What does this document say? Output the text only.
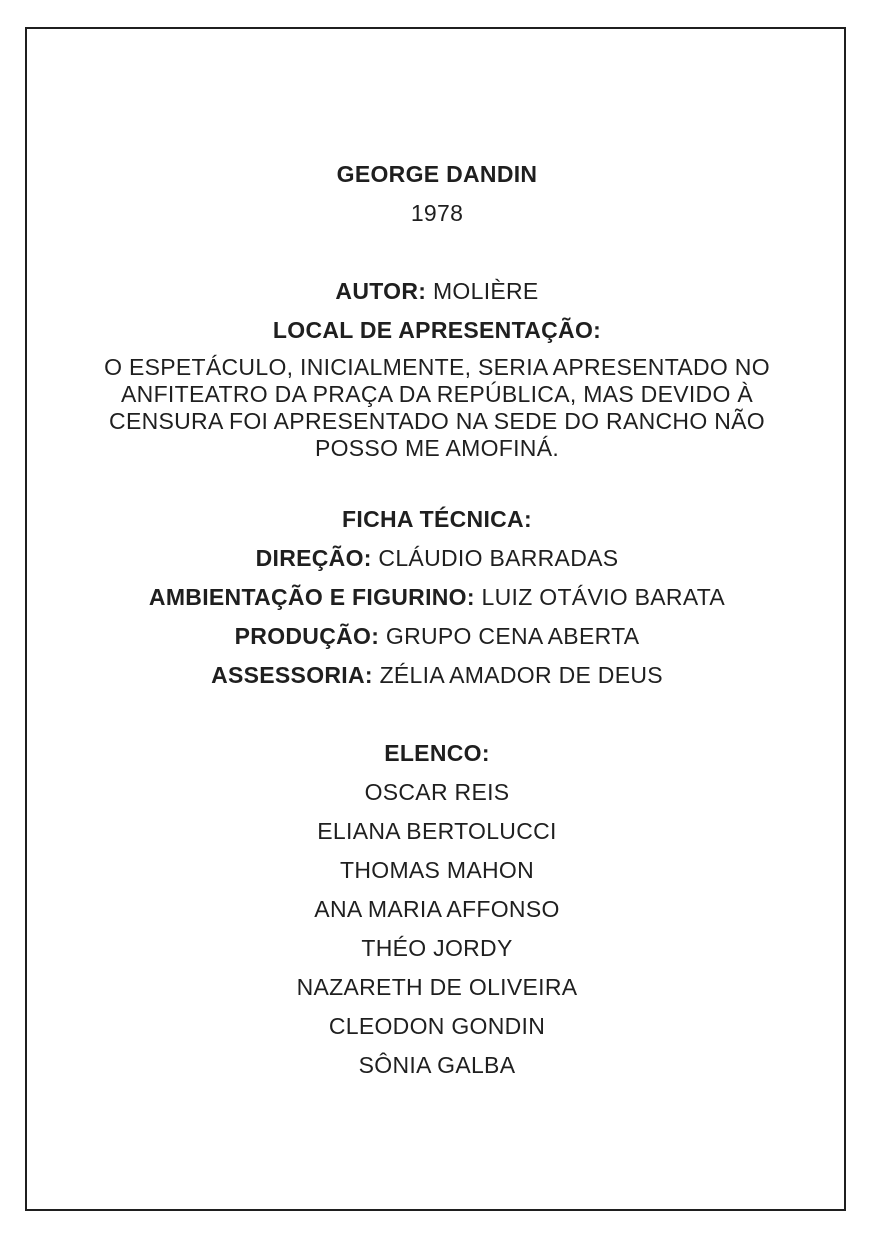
GEORGE DANDIN

1978

AUTOR: MOLIÈRE

LOCAL DE APRESENTAÇÃO:

O ESPETÁCULO, INICIALMENTE, SERIA APRESENTADO NO ANFITEATRO DA PRAÇA DA REPÚBLICA, MAS DEVIDO À CENSURA FOI APRESENTADO NA SEDE DO RANCHO NÃO POSSO ME AMOFINÁ.

FICHA TÉCNICA:

DIREÇÃO: CLÁUDIO BARRADAS

AMBIENTAÇÃO E FIGURINO: LUIZ OTÁVIO BARATA

PRODUÇÃO: GRUPO CENA ABERTA

ASSESSORIA: ZÉLIA AMADOR DE DEUS

ELENCO:

OSCAR REIS

ELIANA BERTOLUCCI

THOMAS MAHON

ANA MARIA AFFONSO

THÉO JORDY

NAZARETH DE OLIVEIRA

CLEODON GONDIN

SÔNIA GALBA
